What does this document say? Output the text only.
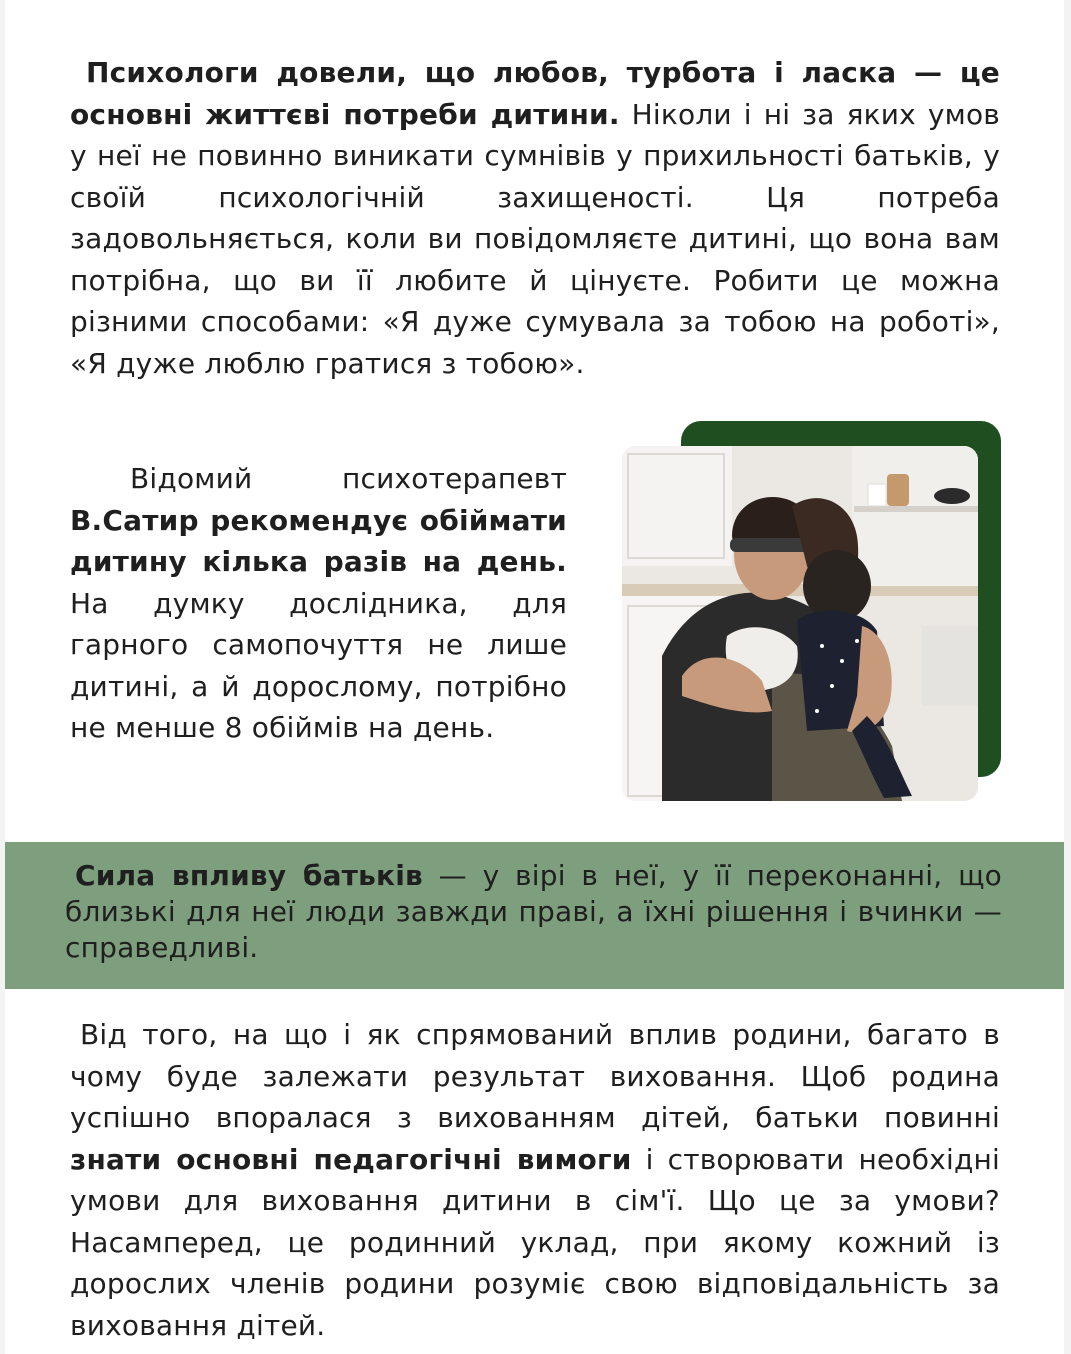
Психологи довели, що любов, турбота і ласка — це основні життєві потреби дитини. Ніколи і ні за яких умов у неї не повинно виникати сумнівів у прихильності батьків, у своїй психологічній захищеності. Ця потреба задовольняється, коли ви повідомляєте дитині, що вона вам потрібна, що ви її любите й цінуєте. Робити це можна різними способами: «Я дуже сумувала за тобою на роботі», «Я дуже люблю гратися з тобою».

Відомий психотерапевт В.Сатир рекомендує обіймати дитину кілька разів на день. На думку дослідника, для гарного самопочуття не лише дитині, а й дорослому, потрібно не менше 8 обіймів на день.

Сила впливу батьків — у вірі в неї, у її переконанні, що близькі для неї люди завжди праві, а їхні рішення і вчинки — справедливі.

Від того, на що і як спрямований вплив родини, багато в чому буде залежати результат виховання. Щоб родина успішно впоралася з вихованням дітей, батьки повинні знати основні педагогічні вимоги і створювати необхідні умови для виховання дитини в сім'ї. Що це за умови? Насамперед, це родинний уклад, при якому кожний із дорослих членів родини розуміє свою відповідальність за виховання дітей.
